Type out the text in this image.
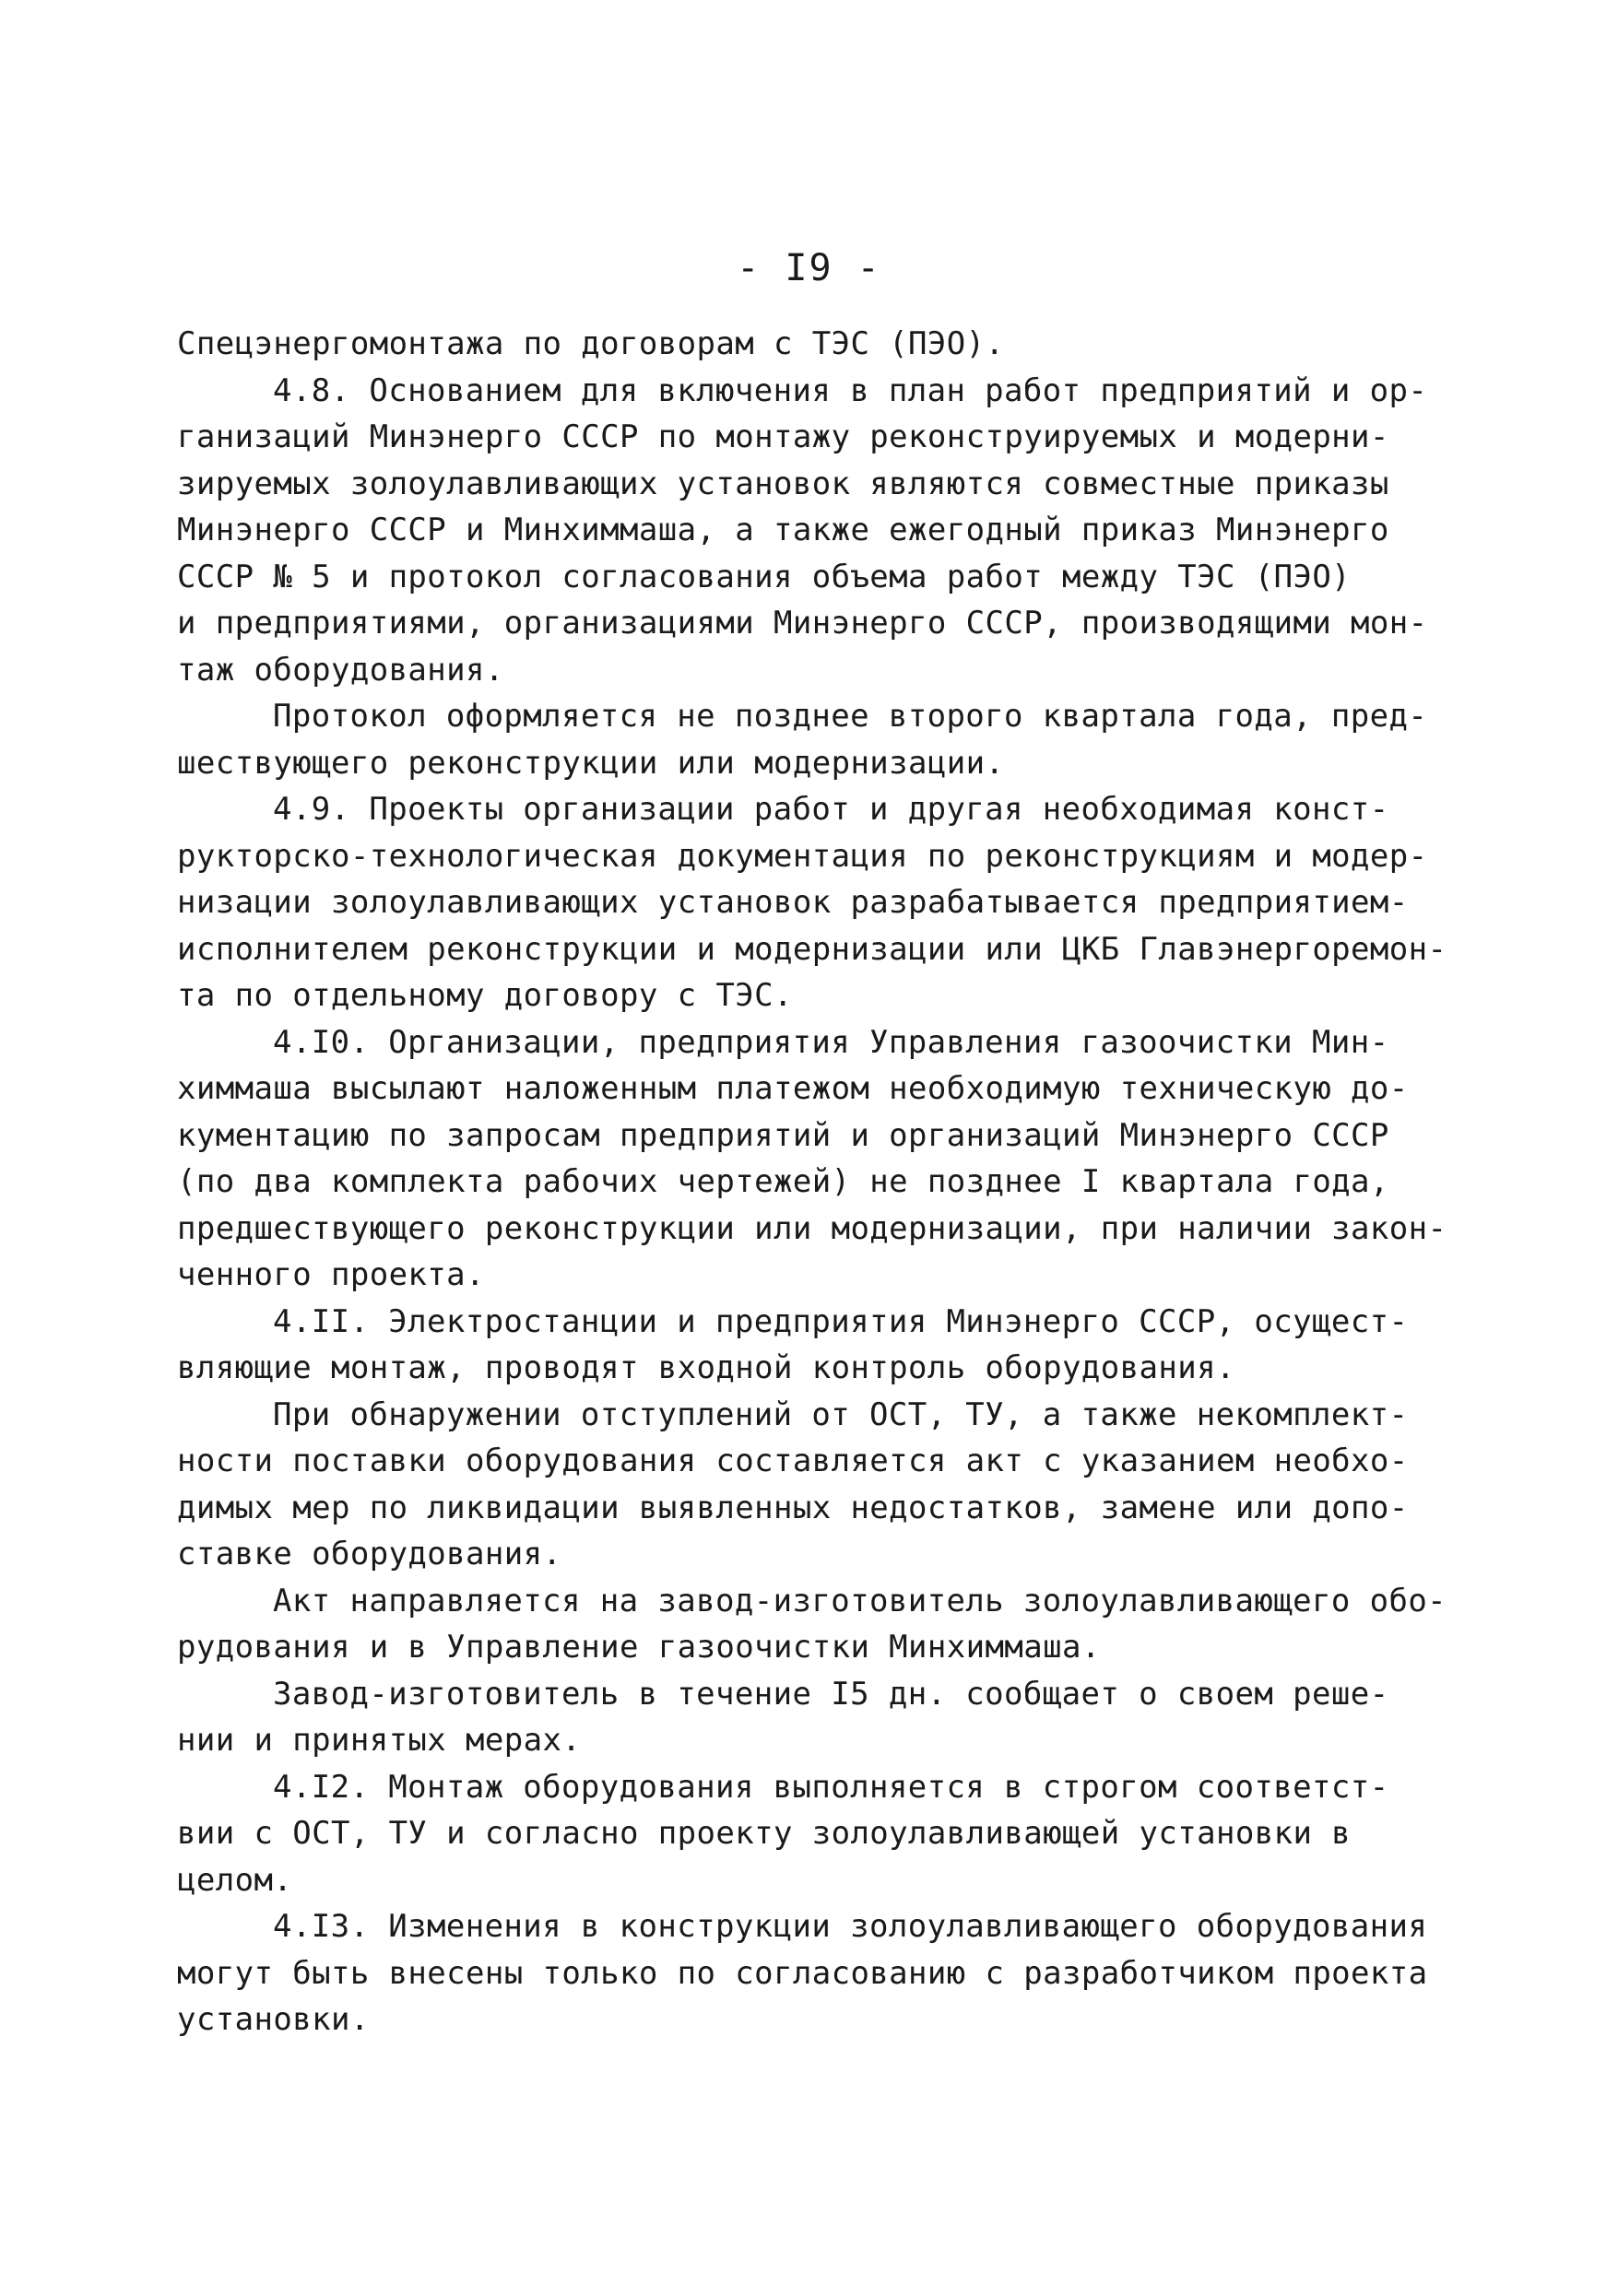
- I9 -
Спецэнергомонтажа по договорам с ТЭС (ПЭО).
4.8. Основанием для включения в план работ предприятий и ор-
ганизаций Минэнерго СССР по монтажу реконструируемых и модерни-
зируемых золоулавливающих установок являются совместные приказы
Минэнерго СССР и Минхиммаша, а также ежегодный приказ Минэнерго
СССР № 5 и протокол согласования объема работ между ТЭС (ПЭО)
и предприятиями, организациями Минэнерго СССР, производящими мон-
таж оборудования.
Протокол оформляется не позднее второго квартала года, пред-
шествующего реконструкции или модернизации.
4.9. Проекты организации работ и другая необходимая конст-
рукторско-технологическая документация по реконструкциям и модер-
низации золоулавливающих установок разрабатывается предприятием-
исполнителем реконструкции и модернизации или ЦКБ Главэнергоремон-
та по отдельному договору с ТЭС.
4.I0. Организации, предприятия Управления газоочистки Мин-
химмаша высылают наложенным платежом необходимую техническую до-
кументацию по запросам предприятий и организаций Минэнерго СССР
(по два комплекта рабочих чертежей) не позднее I квартала года,
предшествующего реконструкции или модернизации, при наличии закон-
ченного проекта.
4.II. Электростанции и предприятия Минэнерго СССР, осущест-
вляющие монтаж, проводят входной контроль оборудования.
При обнаружении отступлений от ОСТ, ТУ, а также некомплект-
ности поставки оборудования составляется акт с указанием необхо-
димых мер по ликвидации выявленных недостатков, замене или допо-
ставке оборудования.
Акт направляется на завод-изготовитель золоулавливающего обо-
рудования и в Управление газоочистки Минхиммаша.
Завод-изготовитель в течение I5 дн. сообщает о своем реше-
нии и принятых мерах.
4.I2. Монтаж оборудования выполняется в строгом соответст-
вии с ОСТ, ТУ и согласно проекту золоулавливающей установки в
целом.
4.I3. Изменения в конструкции золоулавливающего оборудования
могут быть внесены только по согласованию с разработчиком проекта
установки.
